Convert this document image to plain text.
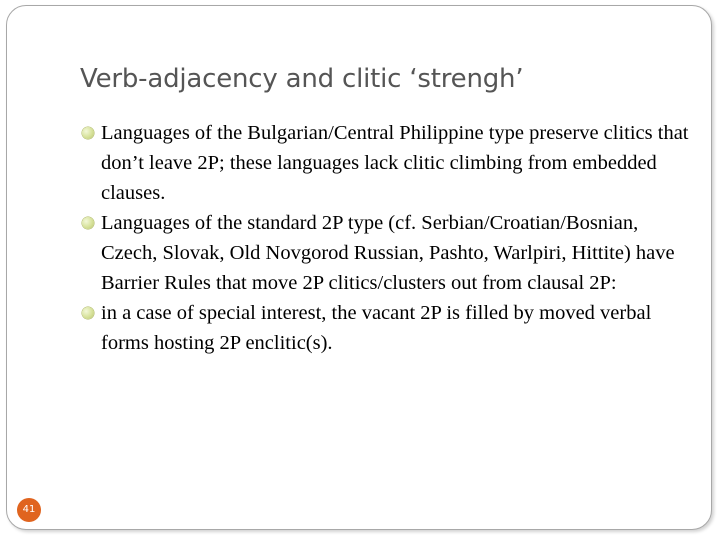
Verb-adjacency and clitic ‘strengh’
Languages of the Bulgarian/Central Philippine type preserve clitics that don’t leave 2P; these languages lack clitic climbing from embedded clauses.
Languages of the standard 2P type (cf. Serbian/Croatian/Bosnian, Czech, Slovak, Old Novgorod Russian, Pashto, Warlpiri, Hittite) have Barrier Rules that move 2P clitics/clusters out from clausal 2P:
in a case of special interest, the vacant 2P is filled by moved verbal forms hosting 2P enclitic(s).
41
